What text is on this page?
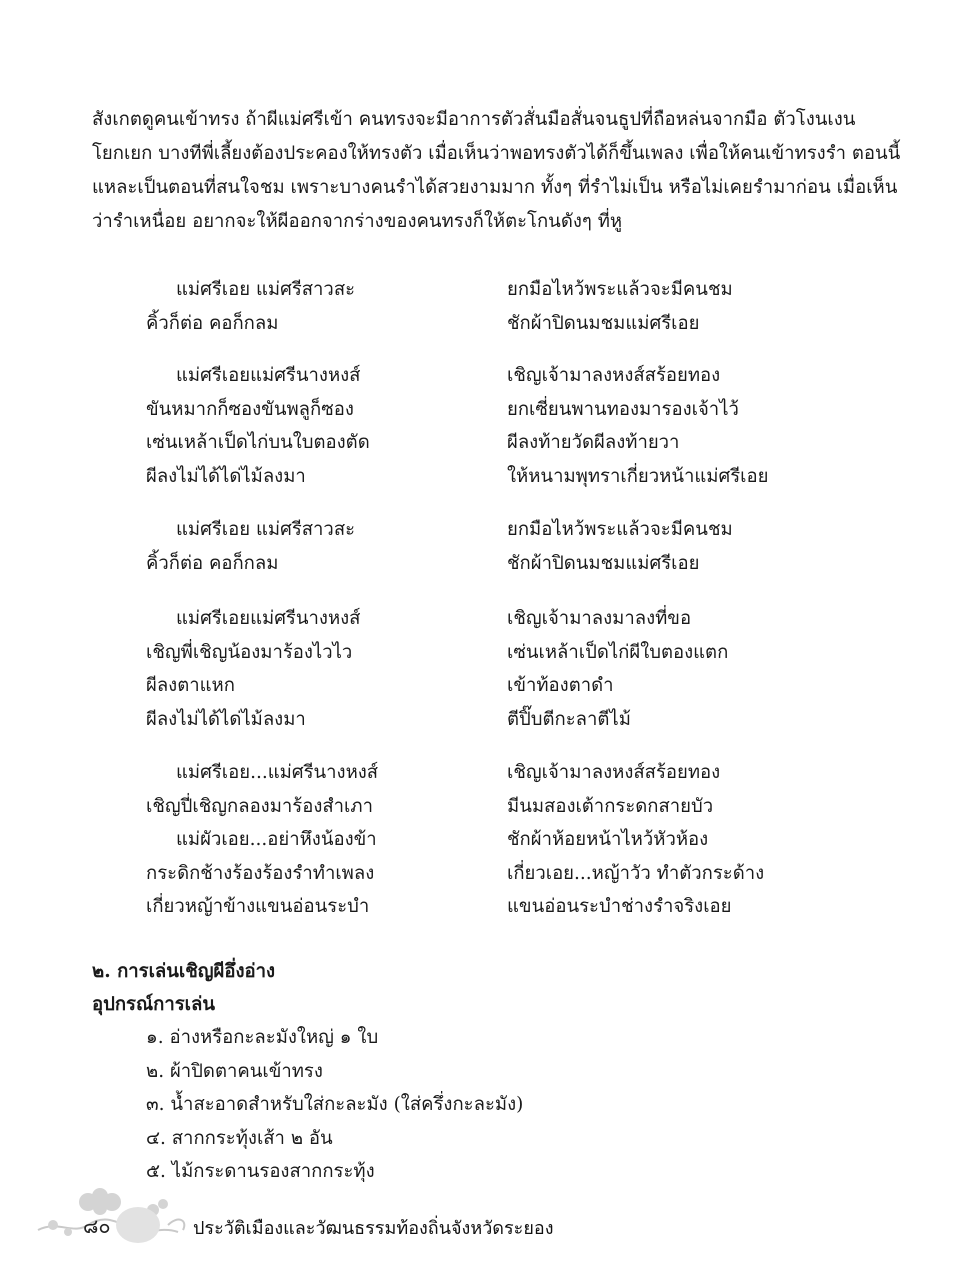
สังเกตดูคนเข้าทรง ถ้าผีแม่ศรีเข้า คนทรงจะมีอาการตัวสั่นมือสั่นจนธูปที่ถือหล่นจากมือ ตัวโงนเงนโยกเยก บางทีพี่เลี้ยงต้องประคองให้ทรงตัว เมื่อเห็นว่าพอทรงตัวได้ก็ขึ้นเพลง เพื่อให้คนเข้าทรงรำ ตอนนี้แหละเป็นตอนที่สนใจชม เพราะบางคนรำได้สวยงามมาก ทั้งๆ ที่รำไม่เป็น หรือไม่เคยรำมาก่อน เมื่อเห็นว่ารำเหนื่อย อยากจะให้ผีออกจากร่างของคนทรงก็ให้ตะโกนดังๆ ที่หู

แม่ศรีเอย แม่ศรีสาวสะ	ยกมือไหว้พระแล้วจะมีคนชม
คิ้วก็ต่อ คอก็กลม	ชักผ้าปิดนมชมแม่ศรีเอย
แม่ศรีเอยแม่ศรีนางหงส์	เชิญเจ้ามาลงหงส์สร้อยทอง
ขันหมากก็ซองขันพลูก็ซอง	ยกเซี่ยนพานทองมารองเจ้าไว้
เซ่นเหล้าเป็ดไก่บนใบตองตัด	ผีลงท้ายวัดผีลงท้ายวา
ผีลงไม่ได้ได่ไม้ลงมา	ให้หนามพุทราเกี่ยวหน้าแม่ศรีเอย
แม่ศรีเอย แม่ศรีสาวสะ	ยกมือไหว้พระแล้วจะมีคนชม
คิ้วก็ต่อ คอก็กลม	ชักผ้าปิดนมชมแม่ศรีเอย
แม่ศรีเอยแม่ศรีนางหงส์	เชิญเจ้ามาลงมาลงที่ขอ
เชิญพี่เชิญน้องมาร้องไวไว	เซ่นเหล้าเป็ดไก่ผีใบตองแตก
ผีลงตาแหก	เข้าท้องตาดำ
ผีลงไม่ได้ได่ไม้ลงมา	ตีปิ๊บตีกะลาตีไม้
แม่ศรีเอย...แม่ศรีนางหงส์	เชิญเจ้ามาลงหงส์สร้อยทอง
เชิญปี่เชิญกลองมาร้องสำเภา	มีนมสองเต้ากระดกสายบัว
แม่ผัวเอย...อย่าหึงน้องข้า	ชักผ้าห้อยหน้าไหว้หัวห้อง
กระดิกช้างร้องร้องรำทำเพลง	เกี่ยวเอย...หญ้าวัว ทำตัวกระด้าง
เกี่ยวหญ้าข้างแขนอ่อนระบำ	แขนอ่อนระบำช่างรำจริงเอย
๒. การเล่นเชิญผีอึ่งอ่าง
อุปกรณ์การเล่น
๑. อ่างหรือกะละมังใหญ่ ๑ ใบ
๒. ผ้าปิดตาคนเข้าทรง
๓. น้ำสะอาดสำหรับใส่กะละมัง (ใส่ครึ่งกะละมัง)
๔. สากกระทุ้งเส้า ๒ อัน
๕. ไม้กระดานรองสากกระทุ้ง
๘๐	ประวัติเมืองและวัฒนธรรมท้องถิ่นจังหวัดระยอง
